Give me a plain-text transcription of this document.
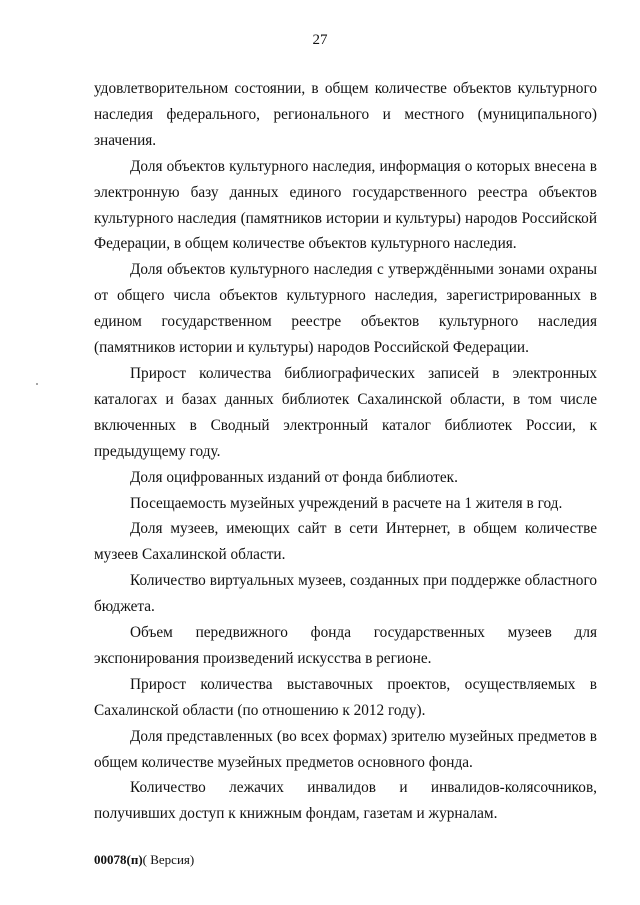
27

удовлетворительном состоянии, в общем количестве объектов культурного наследия федерального, регионального и местного (муниципального) значения.

Доля объектов культурного наследия, информация о которых внесена в электронную базу данных единого государственного реестра объектов культурного наследия (памятников истории и культуры) народов Российской Федерации, в общем количестве объектов культурного наследия.

Доля объектов культурного наследия с утверждёнными зонами охраны от общего числа объектов культурного наследия, зарегистрированных в едином государственном реестре объектов культурного наследия (памятников истории и культуры) народов Российской Федерации.

Прирост количества библиографических записей в электронных каталогах и базах данных библиотек Сахалинской области, в том числе включенных в Сводный электронный каталог библиотек России, к предыдущему году.

Доля оцифрованных изданий от фонда библиотек.

Посещаемость музейных учреждений в расчете на 1 жителя в год.

Доля музеев, имеющих сайт в сети Интернет, в общем количестве музеев Сахалинской области.

Количество виртуальных музеев, созданных при поддержке областного бюджета.

Объем передвижного фонда государственных музеев для экспонирования произведений искусства в регионе.

Прирост количества выставочных проектов, осуществляемых в Сахалинской области (по отношению к 2012 году).

Доля представленных (во всех формах) зрителю музейных предметов в общем количестве музейных предметов основного фонда.

Количество лежачих инвалидов и инвалидов-колясочников, получивших доступ к книжным фондам, газетам и журналам.

00078(п)( Версия)
